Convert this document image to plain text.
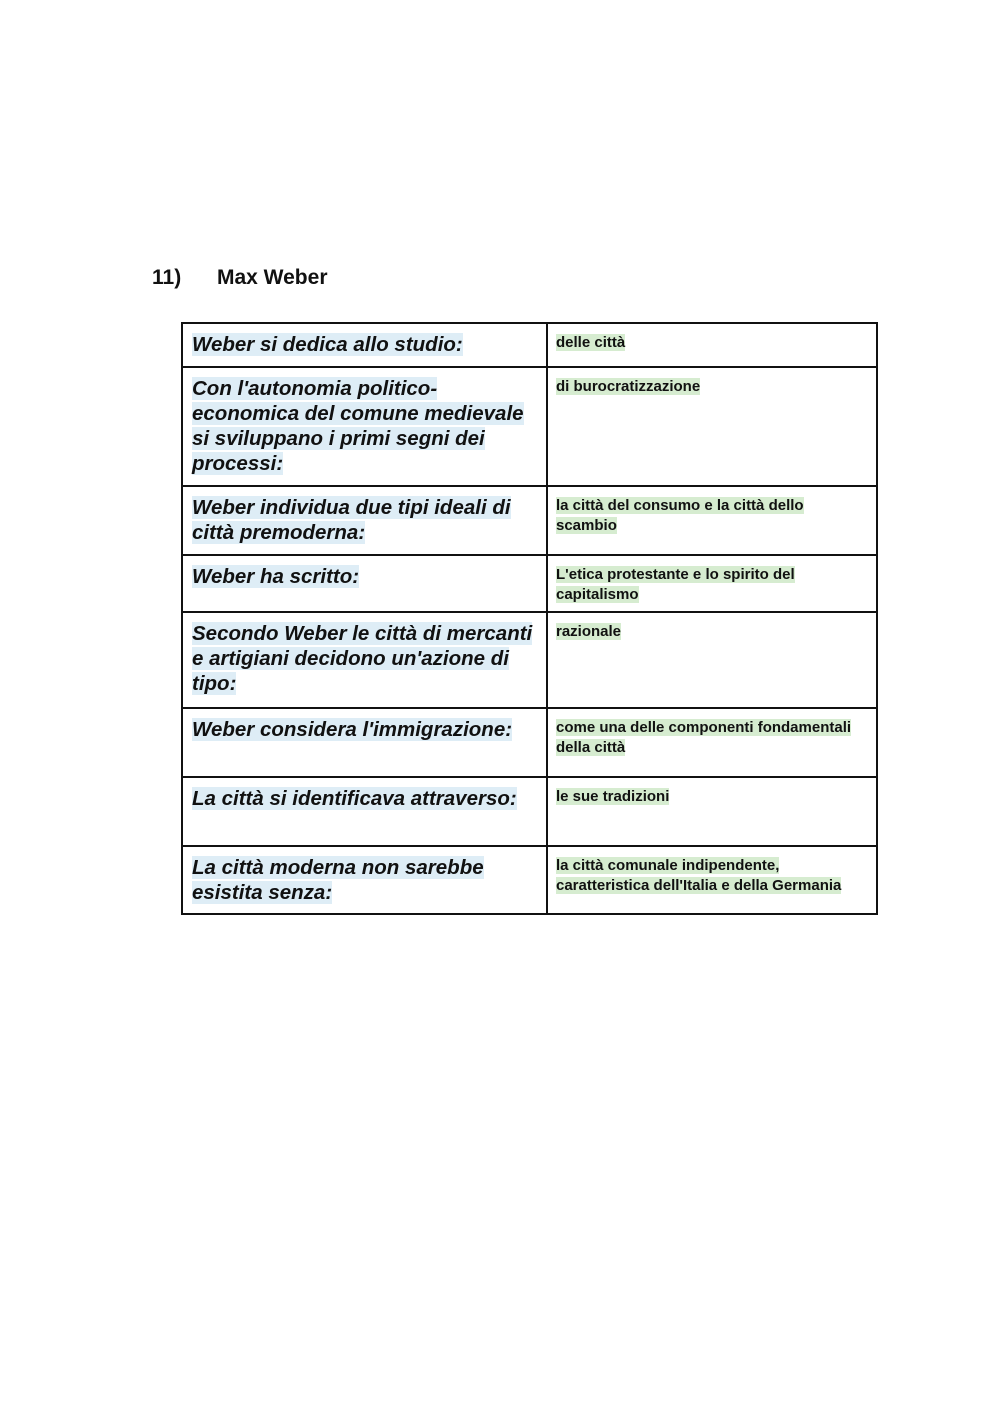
11)	Max Weber
Weber si dedica allo studio:	delle città
Con l'autonomia politico-economica del comune medievale si sviluppano i primi segni dei processi:	di burocratizzazione
Weber individua due tipi ideali di città premoderna:	la città del consumo e la città dello scambio
Weber ha scritto:	L'etica protestante e lo spirito del capitalismo
Secondo Weber le città di mercanti e artigiani decidono un'azione di tipo:	razionale
Weber considera l'immigrazione:	come una delle componenti fondamentali della città
La città si identificava attraverso:	le sue tradizioni
La città moderna non sarebbe esistita senza:	la città comunale indipendente, caratteristica dell'Italia e della Germania
